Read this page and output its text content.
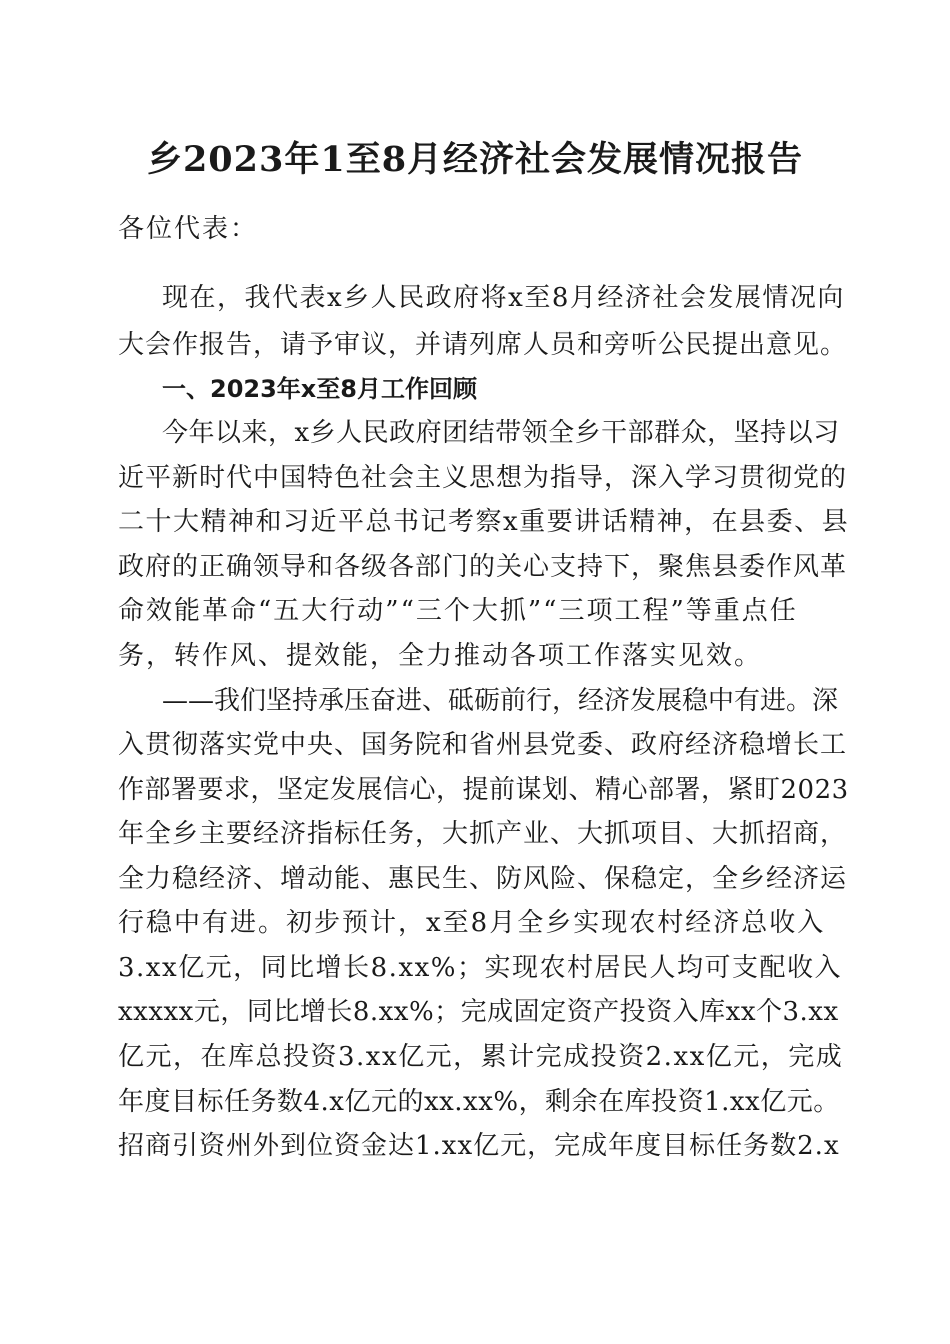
乡2023年1至8月经济社会发展情况报告
各位代表：
现在，我代表x乡人民政府将x至8月经济社会发展情况向
大会作报告，请予审议，并请列席人员和旁听公民提出意见。
一、2023年x至8月工作回顾
今年以来，x乡人民政府团结带领全乡干部群众，坚持以习
近平新时代中国特色社会主义思想为指导，深入学习贯彻党的
二十大精神和习近平总书记考察x重要讲话精神，在县委、县
政府的正确领导和各级各部门的关心支持下，聚焦县委作风革
命效能革命“五大行动”“三个大抓”“三项工程”等重点任
务，转作风、提效能，全力推动各项工作落实见效。
——我们坚持承压奋进、砥砺前行，经济发展稳中有进。深
入贯彻落实党中央、国务院和省州县党委、政府经济稳增长工
作部署要求，坚定发展信心，提前谋划、精心部署，紧盯2023
年全乡主要经济指标任务，大抓产业、大抓项目、大抓招商，
全力稳经济、增动能、惠民生、防风险、保稳定，全乡经济运
行稳中有进。初步预计，x至8月全乡实现农村经济总收入
3.xx亿元，同比增长8.xx%；实现农村居民人均可支配收入
xxxxx元，同比增长8.xx%；完成固定资产投资入库xx个3.xx
亿元，在库总投资3.xx亿元，累计完成投资2.xx亿元，完成
年度目标任务数4.x亿元的xx.xx%，剩余在库投资1.xx亿元。
招商引资州外到位资金达1.xx亿元，完成年度目标任务数2.x
